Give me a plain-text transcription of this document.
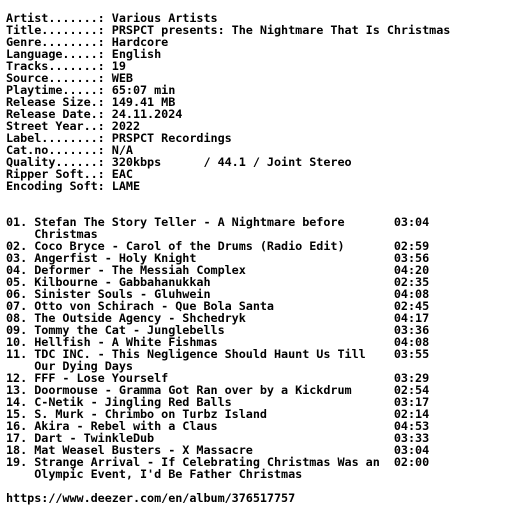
Artist.......: Various Artists
Title........: PRSPCT presents: The Nightmare That Is Christmas
Genre........: Hardcore
Language.....: English
Tracks.......: 19
Source.......: WEB
Playtime.....: 65:07 min
Release Size.: 149.41 MB
Release Date.: 24.11.2024
Street Year..: 2022
Label........: PRSPCT Recordings
Cat.no.......: N/A
Quality......: 320kbps      / 44.1 / Joint Stereo
Ripper Soft..: EAC
Encoding Soft: LAME
01. Stefan The Story Teller - A Nightmare before       03:04
Christmas
02. Coco Bryce - Carol of the Drums (Radio Edit)       02:59
03. Angerfist - Holy Knight                            03:56
04. Deformer - The Messiah Complex                     04:20
05. Kilbourne - Gabbahanukkah                          02:35
06. Sinister Souls - Gluhwein                          04:08
07. Otto von Schirach - Que Bola Santa                 02:45
08. The Outside Agency - Shchedryk                     04:17
09. Tommy the Cat - Junglebells                        03:36
10. Hellfish - A White Fishmas                         04:08
11. TDC INC. - This Negligence Should Haunt Us Till    03:55
Our Dying Days
12. FFF - Lose Yourself                                03:29
13. Doormouse - Gramma Got Ran over by a Kickdrum      02:54
14. C-Netik - Jingling Red Balls                       03:17
15. S. Murk - Chrimbo on Turbz Island                  02:14
16. Akira - Rebel with a Claus                         04:53
17. Dart - TwinkleDub                                  03:33
18. Mat Weasel Busters - X Massacre                    03:04
19. Strange Arrival - If Celebrating Christmas Was an  02:00
Olympic Event, I'd Be Father Christmas
https://www.deezer.com/en/album/376517757
